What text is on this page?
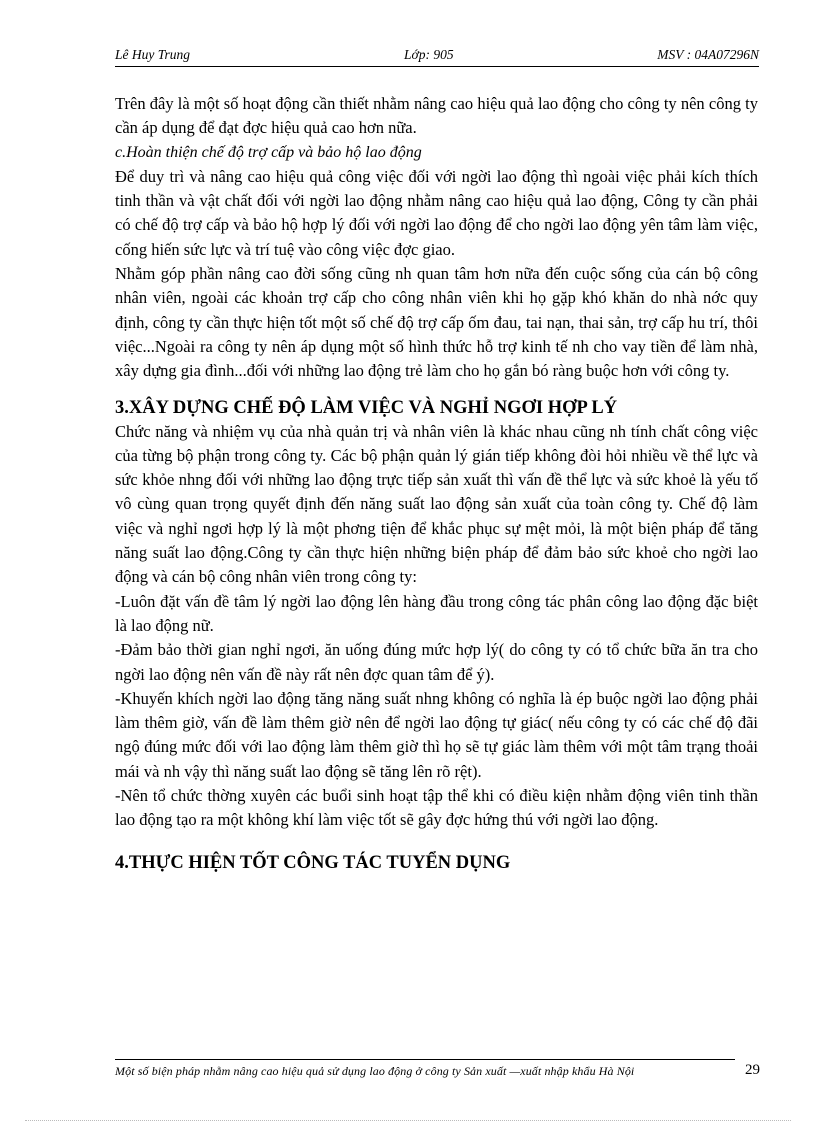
Lê Huy Trung	Lớp: 905	MSV : 04A07296N

Trên đây là một số hoạt động cần thiết nhằm nâng cao hiệu quả lao động cho công ty nên công ty cần áp dụng để đạt đợc hiệu quả cao hơn nữa.

c.Hoàn thiện chế độ trợ cấp và bảo hộ lao động

Để duy trì và nâng cao hiệu quả công việc đối với ngời lao động thì ngoài việc phải kích thích tinh thần và vật chất đối với ngời lao động nhằm nâng cao hiệu quả lao động, Công ty cần phải có chế độ trợ cấp và bảo hộ hợp lý đối với ngời lao động để cho ngời lao động yên tâm làm việc, cống hiến sức lực và trí tuệ vào công việc đợc giao.

Nhằm góp phần nâng cao đời sống cũng nh quan tâm hơn nữa đến cuộc sống của cán bộ công nhân viên, ngoài các khoản trợ cấp cho công nhân viên khi họ gặp khó khăn do nhà nớc quy định, công ty cần thực hiện tốt một số chế độ trợ cấp ốm đau, tai nạn, thai sản, trợ cấp hu trí, thôi việc...Ngoài ra công ty nên áp dụng một số hình thức hỗ trợ kinh tế nh cho vay tiền để làm nhà, xây dựng gia đình...đối với những lao động trẻ làm cho họ gắn bó ràng buộc hơn với công ty.

3.XÂY DỰNG CHẾ ĐỘ LÀM VIỆC VÀ NGHỈ NGƠI HỢP LÝ

Chức năng và nhiệm vụ của nhà quản trị và nhân viên là khác nhau cũng nh tính chất công việc của từng bộ phận trong công ty. Các bộ phận quản lý gián tiếp không đòi hỏi nhiều về thể lực và sức khỏe nhng đối với những lao động trực tiếp sản xuất thì vấn đề thể lực và sức khoẻ là yếu tố vô cùng quan trọng quyết định đến năng suất lao động sản xuất của toàn công ty. Chế độ làm việc và nghỉ ngơi hợp lý là một phơng tiện để khắc phục sự mệt mỏi, là một biện pháp để tăng năng suất lao động.Công ty cần thực hiện những biện pháp để đảm bảo sức khoẻ cho ngời lao động và cán bộ công nhân viên trong công ty:

-Luôn đặt vấn đề tâm lý ngời lao động lên hàng đầu trong công tác phân công lao động đặc biệt là lao động nữ.

-Đảm bảo thời gian nghỉ ngơi, ăn uống đúng mức hợp lý( do công ty có tổ chức bữa ăn tra cho ngời lao động nên vấn đề này rất nên đợc quan tâm để ý).

-Khuyến khích ngời lao động tăng năng suất nhng không có nghĩa là ép buộc ngời lao động phải làm thêm giờ, vấn đề làm thêm giờ nên để ngời lao động tự giác( nếu công ty có các chế độ đãi ngộ đúng mức đối với lao động làm thêm giờ thì họ sẽ tự giác làm thêm với một tâm trạng thoải mái và nh vậy thì năng suất lao động sẽ tăng lên rõ rệt).

-Nên tổ chức thờng xuyên các buổi sinh hoạt tập thể khi có điều kiện nhằm động viên tinh thần lao động tạo ra một không khí làm việc tốt sẽ gây đợc hứng thú với ngời lao động.

4.THỰC HIỆN TỐT CÔNG TÁC TUYỂN DỤNG

Một số biện pháp nhằm nâng cao hiệu quả sử dụng lao động ở công ty Sản xuất —xuất nhập khẩu Hà Nội	29
